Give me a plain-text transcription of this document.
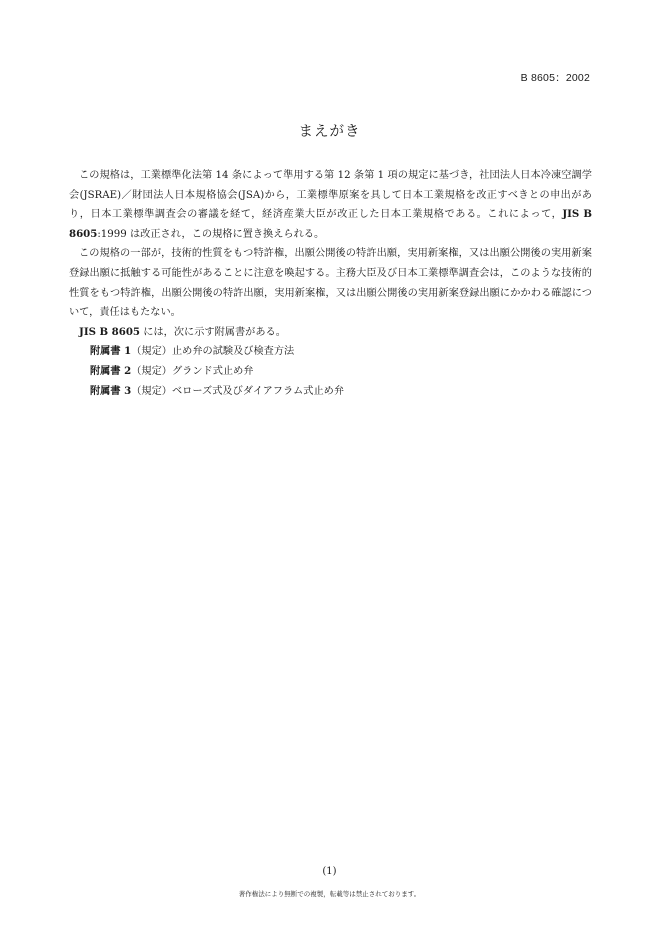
B 8605：2002
まえがき

この規格は，工業標準化法第 14 条によって準用する第 12 条第 1 項の規定に基づき，社団法人日本冷凍空調学会(JSRAE)／財団法人日本規格協会(JSA)から，工業標準原案を具して日本工業規格を改正すべきとの申出があり，日本工業標準調査会の審議を経て，経済産業大臣が改正した日本工業規格である。これによって，JIS B 8605:1999 は改正され，この規格に置き換えられる。

この規格の一部が，技術的性質をもつ特許権，出願公開後の特許出願，実用新案権，又は出願公開後の実用新案登録出願に抵触する可能性があることに注意を喚起する。主務大臣及び日本工業標準調査会は，このような技術的性質をもつ特許権，出願公開後の特許出願，実用新案権，又は出願公開後の実用新案登録出願にかかわる確認について，責任はもたない。

JIS B 8605 には，次に示す附属書がある。

附属書 1（規定）止め弁の試験及び検査方法

附属書 2（規定）グランド式止め弁

附属書 3（規定）ベローズ式及びダイアフラム式止め弁

(1)
著作権法により無断での複製，転載等は禁止されております。
